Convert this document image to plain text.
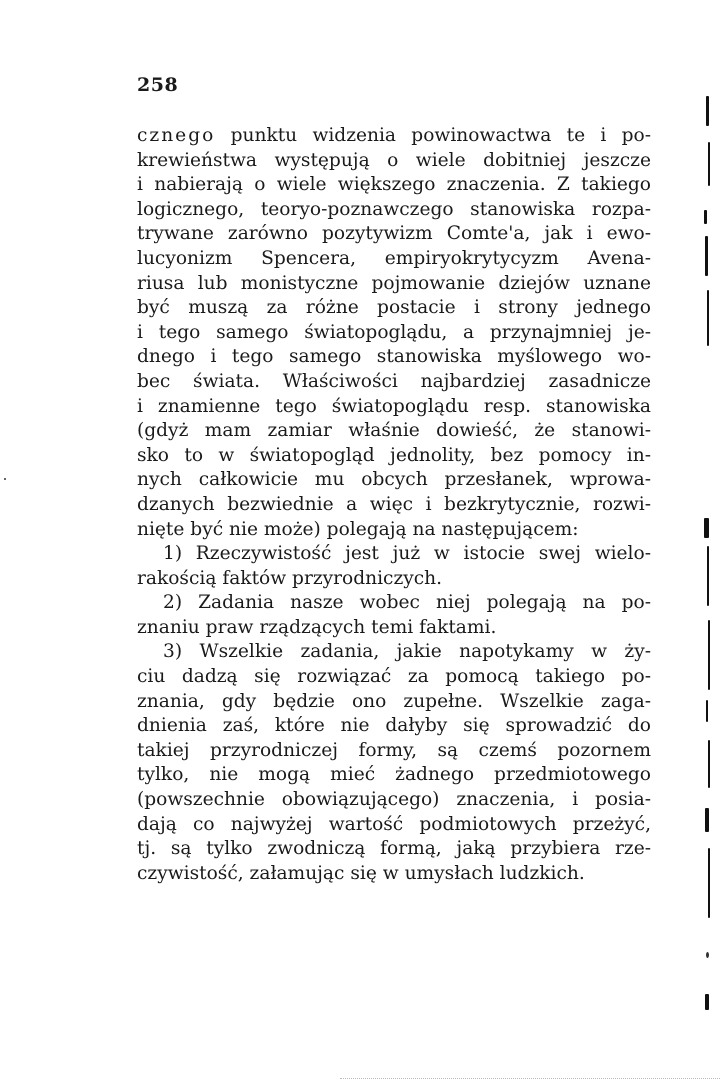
258
cznego punktu widzenia powinowactwa te i po-
krewieństwa występują o wiele dobitniej jeszcze
i nabierają o wiele większego znaczenia. Z takiego
logicznego, teoryo-poznawczego stanowiska rozpa-
trywane zarówno pozytywizm Comte'a, jak i ewo-
lucyonizm Spencera, empiryokrytycyzm Avena-
riusa lub monistyczne pojmowanie dziejów uznane
być muszą za różne postacie i strony jednego
i tego samego światopoglądu, a przynajmniej je-
dnego i tego samego stanowiska myślowego wo-
bec świata. Właściwości najbardziej zasadnicze
i znamienne tego światopoglądu resp. stanowiska
(gdyż mam zamiar właśnie dowieść, że stanowi-
sko to w światopogląd jednolity, bez pomocy in-
nych całkowicie mu obcych przesłanek, wprowa-
dzanych bezwiednie a więc i bezkrytycznie, rozwi-
nięte być nie może) polegają na następującem:
1) Rzeczywistość jest już w istocie swej wielo-
rakością faktów przyrodniczych.
2) Zadania nasze wobec niej polegają na po-
znaniu praw rządzących temi faktami.
3) Wszelkie zadania, jakie napotykamy w ży-
ciu dadzą się rozwiązać za pomocą takiego po-
znania, gdy będzie ono zupełne. Wszelkie zaga-
dnienia zaś, które nie dałyby się sprowadzić do
takiej przyrodniczej formy, są czemś pozornem
tylko, nie mogą mieć żadnego przedmiotowego
(powszechnie obowiązującego) znaczenia, i posia-
dają co najwyżej wartość podmiotowych przeżyć,
tj. są tylko zwodniczą formą, jaką przybiera rze-
czywistość, załamując się w umysłach ludzkich.
